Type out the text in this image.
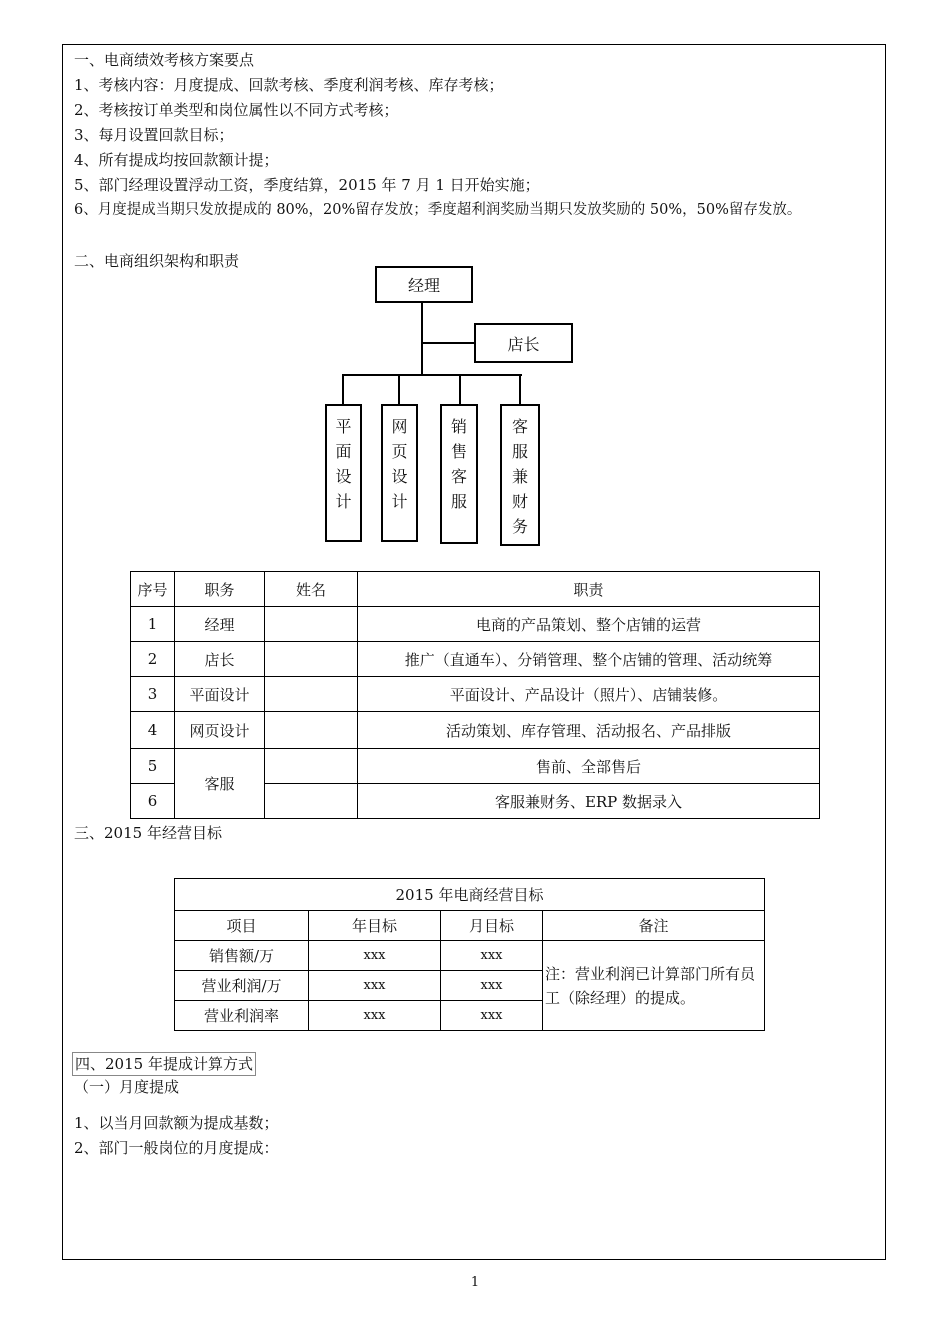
一、电商绩效考核方案要点
1、考核内容：月度提成、回款考核、季度利润考核、库存考核；
2、考核按订单类型和岗位属性以不同方式考核；
3、每月设置回款目标；
4、所有提成均按回款额计提；
5、部门经理设置浮动工资，季度结算，2015 年 7 月 1 日开始实施；
6、月度提成当期只发放提成的 80%，20%留存发放；季度超利润奖励当期只发放奖励的 50%，50%留存发放。
二、电商组织架构和职责
经理
店长
平
面
设
计
网
页
设
计
销
售
客
服
客
服
兼
财
务
序号	职务	姓名	职责
1	经理		电商的产品策划、整个店铺的运营
2	店长		推广（直通车）、分销管理、整个店铺的管理、活动统筹
3	平面设计		平面设计、产品设计（照片）、店铺装修。
4	网页设计		活动策划、库存管理、活动报名、产品排版
5	客服		售前、全部售后
6			客服兼财务、ERP 数据录入
三、2015 年经营目标
2015 年电商经营目标			
项目	年目标	月目标	备注
销售额/万	xxx	xxx	注：营业利润已计算部门所有员工（除经理）的提成。
营业利润/万	xxx	xxx	
营业利润率	xxx	xxx	
四、2015 年提成计算方式
（一）月度提成
1、以当月回款额为提成基数；
2、部门一般岗位的月度提成：
1
